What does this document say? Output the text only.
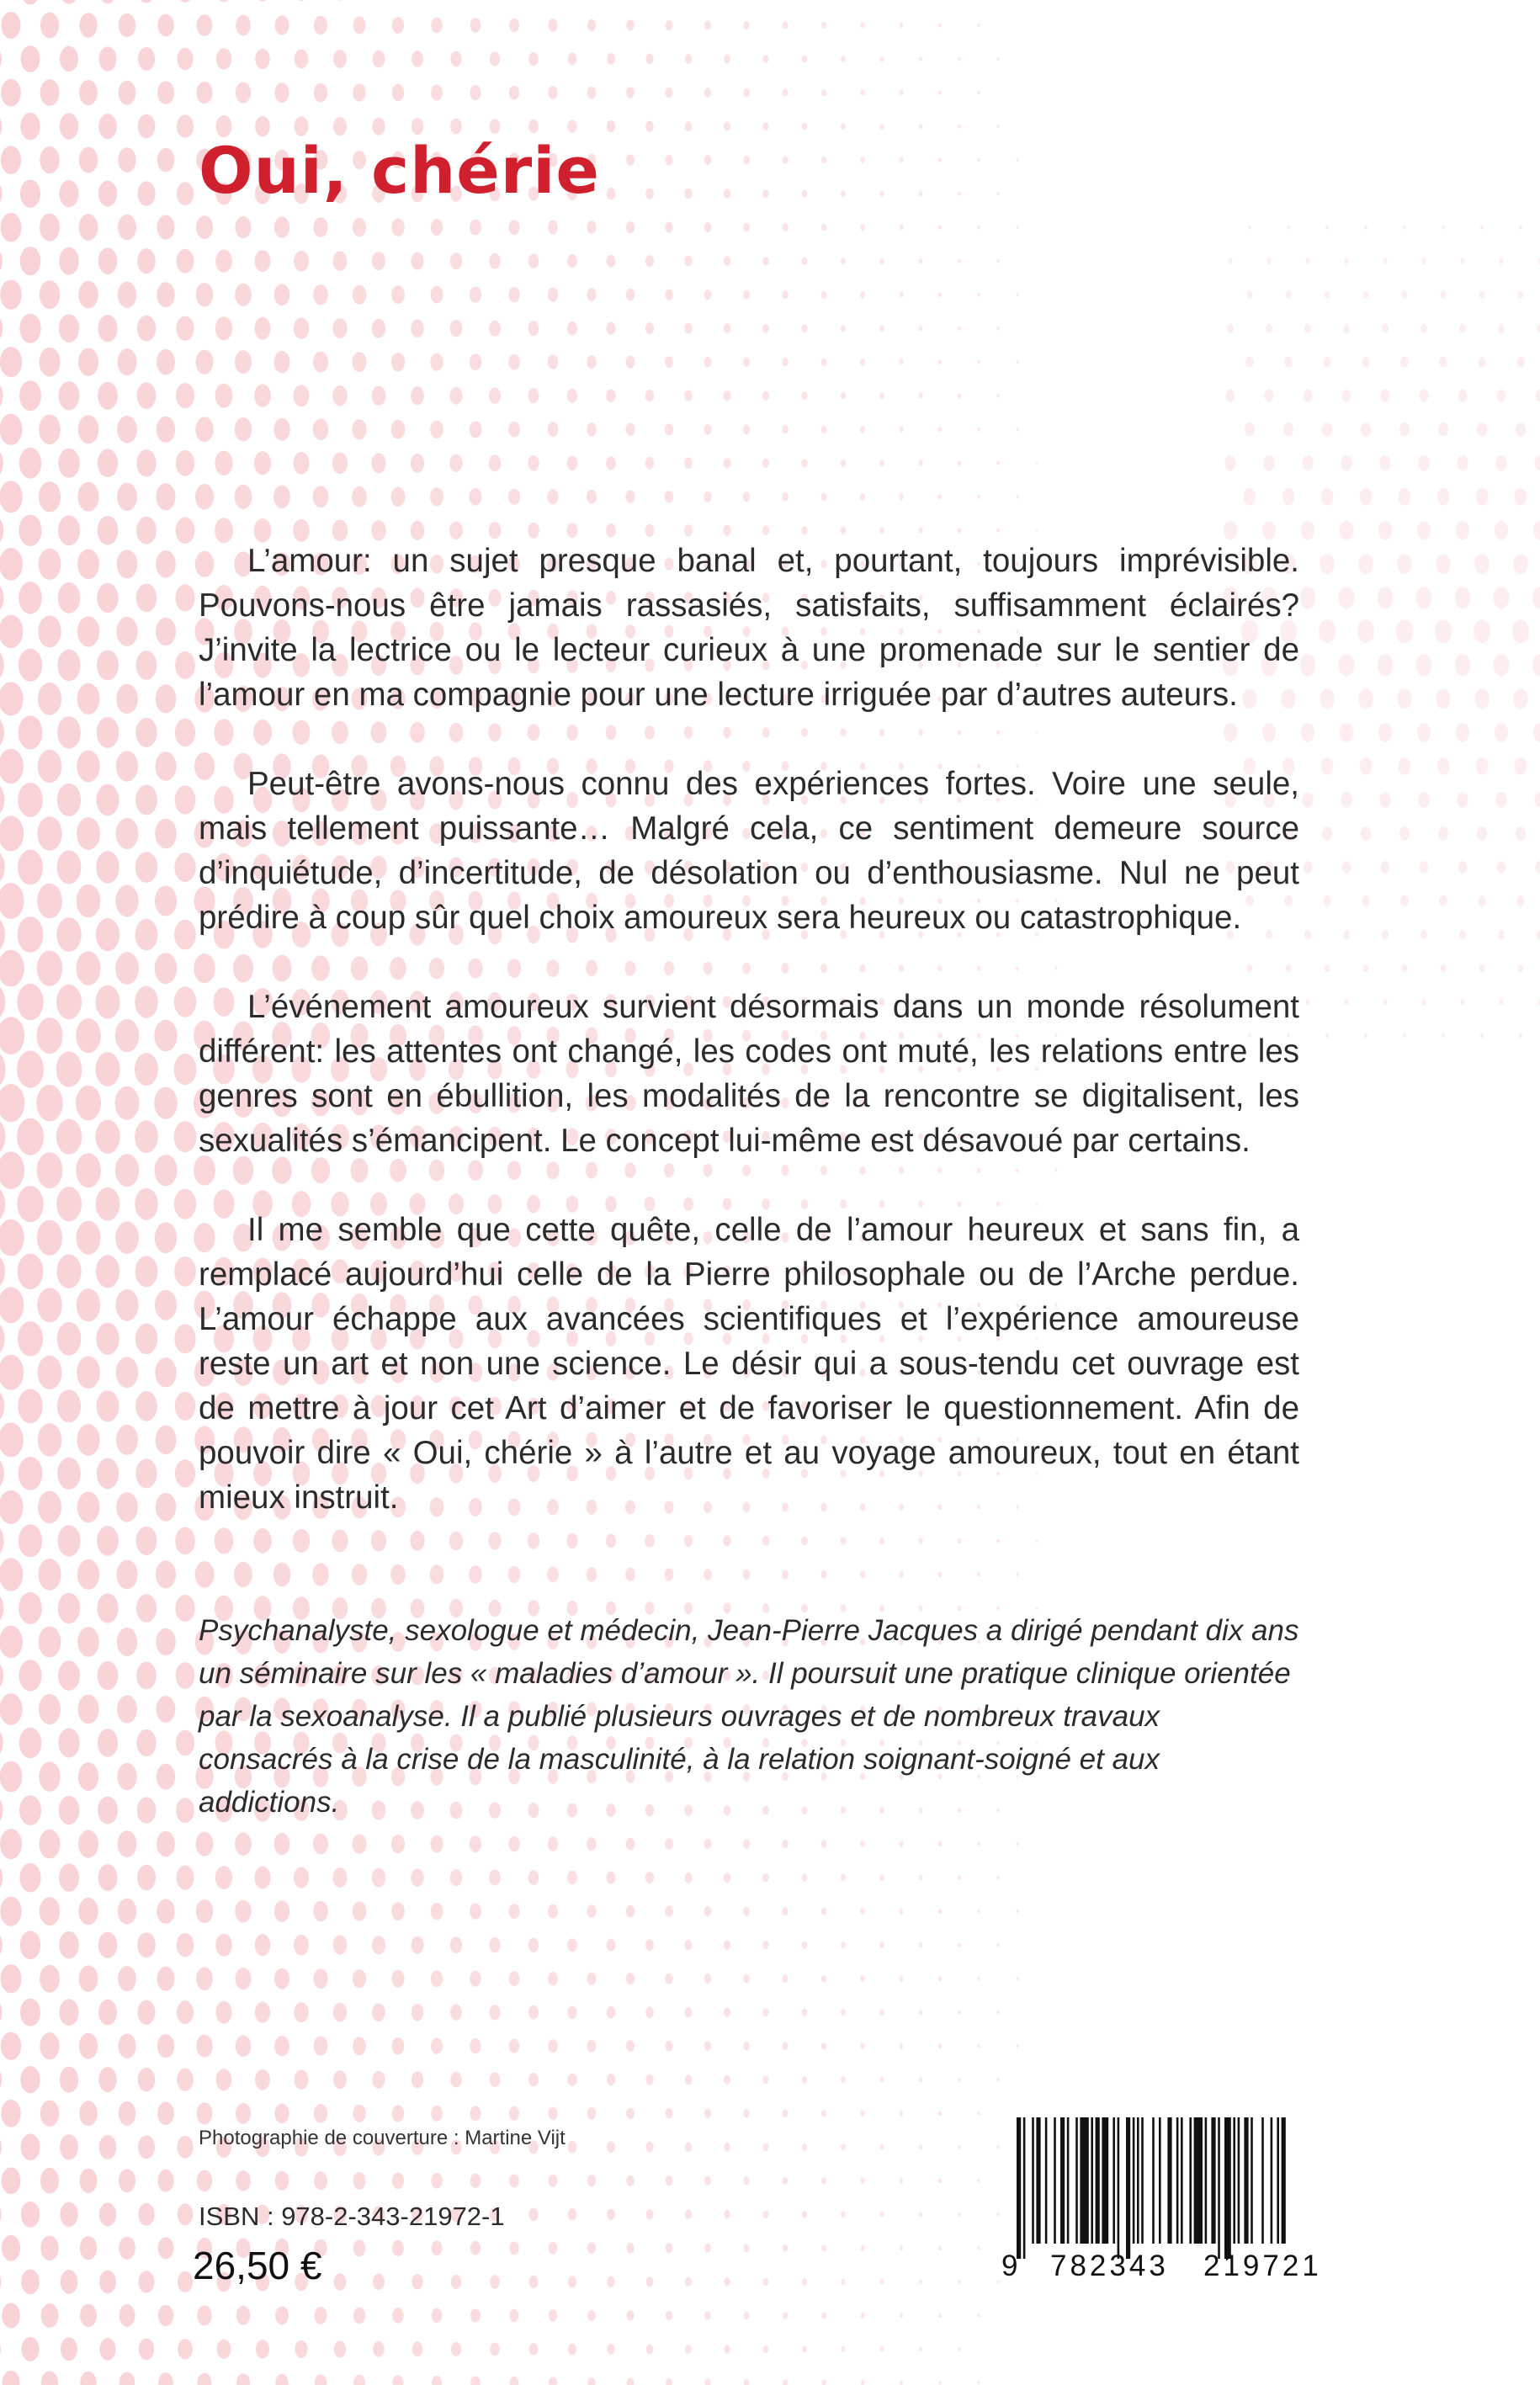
Oui, chérie

L’amour: un sujet presque banal et, pourtant, toujours imprévisible. Pouvons-nous être jamais rassasiés, satisfaits, suffisamment éclairés? J’invite la lectrice ou le lecteur curieux à une promenade sur le sentier de l’amour en ma compagnie pour une lecture irriguée par d’autres auteurs.

Peut-être avons-nous connu des expériences fortes. Voire une seule, mais tellement puissante… Malgré cela, ce sentiment demeure source d’inquiétude, d’incertitude, de désolation ou d’enthousiasme. Nul ne peut prédire à coup sûr quel choix amoureux sera heureux ou catastrophique.

L’événement amoureux survient désormais dans un monde résolument différent: les attentes ont changé, les codes ont muté, les relations entre les genres sont en ébullition, les modalités de la rencontre se digitalisent, les sexualités s’émancipent. Le concept lui-même est désavoué par certains.

Il me semble que cette quête, celle de l’amour heureux et sans fin, a remplacé aujourd’hui celle de la Pierre philosophale ou de l’Arche perdue. L’amour échappe aux avancées scientifiques et l’expérience amoureuse reste un art et non une science. Le désir qui a sous-tendu cet ouvrage est de mettre à jour cet Art d’aimer et de favoriser le questionnement. Afin de pouvoir dire « Oui, chérie » à l’autre et au voyage amoureux, tout en étant mieux instruit.

Psychanalyste, sexologue et médecin, Jean-Pierre Jacques a dirigé pendant dix ans un séminaire sur les « maladies d’amour ». Il poursuit une pratique clinique orientée par la sexoanalyse. Il a publié plusieurs ouvrages et de nombreux travaux consacrés à la crise de la masculinité, à la relation soignant-soigné et aux addictions.

Photographie de couverture : Martine Vijt

ISBN : 978-2-343-21972-1

26,50 €	9 782343 219721
